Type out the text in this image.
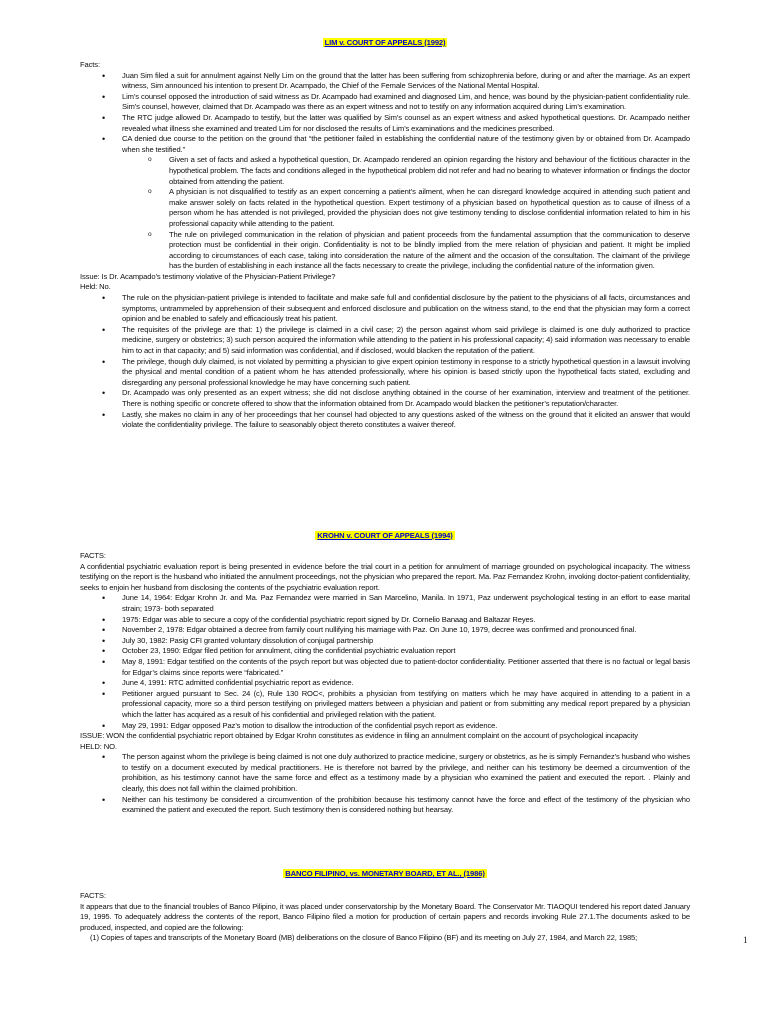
LIM v. COURT OF APPEALS (1992)

Facts:
• Juan Sim filed a suit for annulment against Nelly Lim on the ground that the latter has been suffering from schizophrenia before, during or and after the marriage. As an expert witness, Sim announced his intention to present Dr. Acampado, the Chief of the Female Services of the National Mental Hospital.
• Lim’s counsel opposed the introduction of said witness as Dr. Acampado had examined and diagnosed Lim, and hence, was bound by the physician-patient confidentiality rule. Sim’s counsel, however, claimed that Dr. Acampado was there as an expert witness and not to testify on any information acquired during Lim’s examination.
• The RTC judge allowed Dr. Acampado to testify, but the latter was qualified by Sim’s counsel as an expert witness and asked hypothetical questions. Dr. Acampado neither revealed what illness she examined and treated Lim for nor disclosed the results of Lim’s examinations and the medicines prescribed.
• CA denied due course to the petition on the ground that “the petitioner failed in establishing the confidential nature of the testimony given by or obtained from Dr. Acampado when she testified.”
o Given a set of facts and asked a hypothetical question, Dr. Acampado rendered an opinion regarding the history and behaviour of the fictitious character in the hypothetical problem. The facts and conditions alleged in the hypothetical problem did not refer and had no bearing to whatever information or findings the doctor obtained from attending the patient.
o A physician is not disqualified to testify as an expert concerning a patient’s ailment, when he can disregard knowledge acquired in attending such patient and make answer solely on facts related in the hypothetical question. Expert testimony of a physician based on hypothetical question as to cause of illness of a person whom he has attended is not privileged, provided the physician does not give testimony tending to disclose confidential information related to him in his professional capacity while attending to the patient.
o The rule on privileged communication in the relation of physician and patient proceeds from the fundamental assumption that the communication to deserve protection must be confidential in their origin. Confidentiality is not to be blindly implied from the mere relation of physician and patient. It might be implied according to circumstances of each case, taking into consideration the nature of the ailment and the occasion of the consultation. The claimant of the privilege has the burden of establishing in each instance all the facts necessary to create the privilege, including the confidential nature of the information given.
Issue: Is Dr. Acampado’s testimony violative of the Physician-Patient Privilege?
Held: No.
• The rule on the physician-patient privilege is intended to facilitate and make safe full and confidential disclosure by the patient to the physicians of all facts, circumstances and symptoms, untrammeled by apprehension of their subsequent and enforced disclosure and publication on the witness stand, to the end that the physician may form a correct opinion and be enabled to safely and efficaciously treat his patient.
• The requisites of the privilege are that: 1) the privilege is claimed in a civil case; 2) the person against whom said privilege is claimed is one duly authorized to practice medicine, surgery or obstetrics; 3) such person acquired the information while attending to the patient in his professional capacity; 4) said information was necessary to enable him to act in that capacity; and 5) said information was confidential, and if disclosed, would blacken the reputation of the patient.
• The privilege, though duly claimed, is not violated by permitting a physician to give expert opinion testimony in response to a strictly hypothetical question in a lawsuit involving the physical and mental condition of a patient whom he has attended professionally, where his opinion is based strictly upon the hypothetical facts stated, excluding and disregarding any personal professional knowledge he may have concerning such patient.
• Dr. Acampado was only presented as an expert witness; she did not disclose anything obtained in the course of her examination, interview and treatment of the petitioner. There is nothing specific or concrete offered to show that the information obtained from Dr. Acampado would blacken the petitioner’s reputation/character.
• Lastly, she makes no claim in any of her proceedings that her counsel had objected to any questions asked of the witness on the ground that it elicited an answer that would violate the confidentiality privilege. The failure to seasonably object thereto constitutes a waiver thereof.

KROHN v. COURT OF APPEALS (1994)

FACTS:
A confidential psychiatric evaluation report is being presented in evidence before the trial court in a petition for annulment of marriage grounded on psychological incapacity. The witness testifying on the report is the husband who initiated the annulment proceedings, not the physician who prepared the report. Ma. Paz Fernandez Krohn, invoking doctor-patient confidentiality, seeks to enjoin her husband from disclosing the contents of the psychiatric evaluation report.
• June 14, 1964: Edgar Krohn Jr. and Ma. Paz Fernandez were married in San Marcelino, Manila. In 1971, Paz underwent psychological testing in an effort to ease marital strain; 1973- both separated
• 1975: Edgar was able to secure a copy of the confidential psychiatric report signed by Dr. Cornelio Banaag and Baltazar Reyes.
• November 2, 1978: Edgar obtained a decree from family court nullifying his marriage with Paz. On June 10, 1979, decree was confirmed and pronounced final.
• July 30, 1982: Pasig CFI granted voluntary dissolution of conjugal partnership
• October 23, 1990: Edgar filed petition for annulment, citing the confidential psychiatric evaluation report
• May 8, 1991: Edgar testified on the contents of the psych report but was objected due to patient-doctor confidentiality. Petitioner asserted that there is no factual or legal basis for Edgar’s claims since reports were “fabricated.”
• June 4, 1991: RTC admitted confidential psychiatric report as evidence.
• Petitioner argued pursuant to Sec. 24 (c), Rule 130 ROC<, prohibits a physician from testifying on matters which he may have acquired in attending to a patient in a professional capacity, more so a third person testifying on privileged matters between a physician and patient or from submitting any medical report prepared by a physician which the latter has acquired as a result of his confidential and privileged relation with the patient.
• May 29, 1991: Edgar opposed Paz’s motion to disallow the introduction of the confidential psych report as evidence.
ISSUE: WON the confidential psychiatric report obtained by Edgar Krohn constitutes as evidence in filing an annulment complaint on the account of psychological incapacity
HELD: NO.
• The person against whom the privilege is being claimed is not one duly authorized to practice medicine, surgery or obstetrics, as he is simply Fernandez’s husband who wishes to testify on a document executed by medical practitioners. He is therefore not barred by the privilege, and neither can his testimony be deemed a circumvention of the prohibition, as his testimony cannot have the same force and effect as a testimony made by a physician who examined the patient and executed the report. . Plainly and clearly, this does not fall within the claimed prohibition.
• Neither can his testimony be considered a circumvention of the prohibition because his testimony cannot have the force and effect of the testimony of the physician who examined the patient and executed the report. Such testimony then is considered nothing but hearsay.

BANCO FILIPINO, vs. MONETARY BOARD, ET AL., (1986)

FACTS:
It appears that due to the financial troubles of Banco Pilipino, it was placed under conservatorship by the Monetary Board. The Conservator Mr. TIAOQUI tendered his report dated January 19, 1995. To adequately address the contents of the report, Banco Filipino filed a motion for production of certain papers and records invoking Rule 27.1.The documents asked to be produced, inspected, and copied are the following:
(1) Copies of tapes and transcripts of the Monetary Board (MB) deliberations on the closure of Banco Filipino (BF) and its meeting on July 27, 1984, and March 22, 1985;	1
